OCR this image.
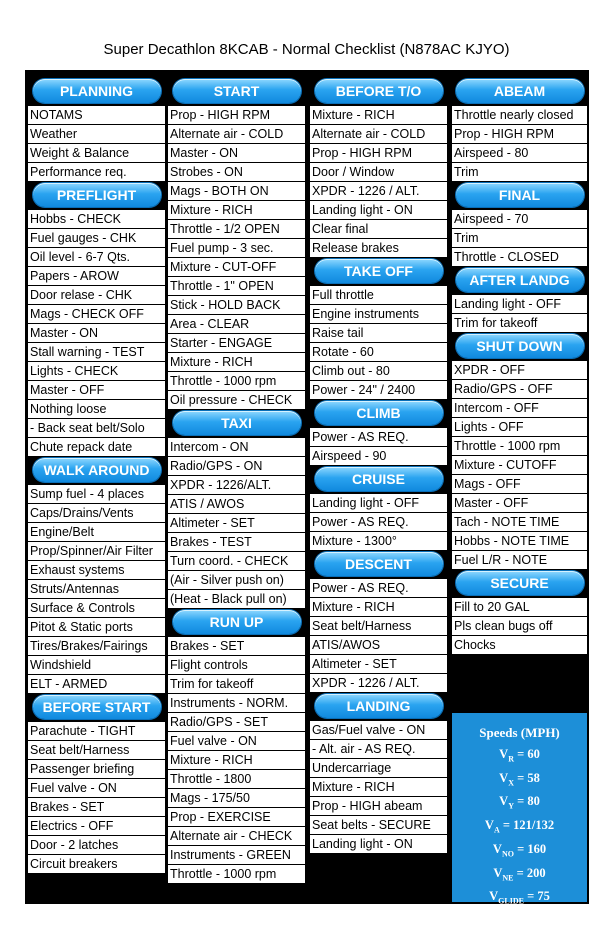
Super Decathlon 8KCAB - Normal Checklist (N878AC KJYO)
PLANNING
NOTAMS
Weather
Weight & Balance
Performance req.
PREFLIGHT
Hobbs - CHECK
Fuel gauges - CHK
Oil level - 6-7 Qts.
Papers - AROW
Door relase - CHK
Mags - CHECK OFF
Master - ON
Stall warning - TEST
Lights - CHECK
Master - OFF
Nothing loose
- Back seat belt/Solo
Chute repack date
WALK AROUND
Sump fuel - 4 places
Caps/Drains/Vents
Engine/Belt
Prop/Spinner/Air Filter
Exhaust systems
Struts/Antennas
Surface & Controls
Pitot & Static ports
Tires/Brakes/Fairings
Windshield
ELT - ARMED
BEFORE START
Parachute - TIGHT
Seat belt/Harness
Passenger briefing
Fuel valve - ON
Brakes - SET
Electrics - OFF
Door - 2 latches
Circuit breakers
START
Prop - HIGH RPM
Alternate air - COLD
Master - ON
Strobes - ON
Mags - BOTH ON
Mixture - RICH
Throttle - 1/2 OPEN
Fuel pump - 3 sec.
Mixture - CUT-OFF
Throttle - 1" OPEN
Stick - HOLD BACK
Area - CLEAR
Starter - ENGAGE
Mixture - RICH
Throttle - 1000 rpm
Oil pressure - CHECK
TAXI
Intercom - ON
Radio/GPS - ON
XPDR - 1226/ALT.
ATIS / AWOS
Altimeter - SET
Brakes - TEST
Turn coord. - CHECK
(Air - Silver push on)
(Heat - Black pull on)
RUN UP
Brakes - SET
Flight controls
Trim for takeoff
Instruments - NORM.
Radio/GPS - SET
Fuel valve - ON
Mixture - RICH
Throttle - 1800
Mags - 175/50
Prop - EXERCISE
Alternate air - CHECK
Instruments - GREEN
Throttle - 1000 rpm
BEFORE T/O
Mixture - RICH
Alternate air - COLD
Prop - HIGH RPM
Door / Window
XPDR - 1226 / ALT.
Landing light - ON
Clear final
Release brakes
TAKE OFF
Full throttle
Engine instruments
Raise tail
Rotate - 60
Climb out - 80
Power - 24" / 2400
CLIMB
Power - AS REQ.
Airspeed - 90
CRUISE
Landing light - OFF
Power - AS REQ.
Mixture - 1300°
DESCENT
Power - AS REQ.
Mixture - RICH
Seat belt/Harness
ATIS/AWOS
Altimeter - SET
XPDR - 1226 / ALT.
LANDING
Gas/Fuel valve - ON
- Alt. air - AS REQ.
Undercarriage
Mixture - RICH
Prop - HIGH abeam
Seat belts - SECURE
Landing light - ON
ABEAM
Throttle nearly closed
Prop - HIGH RPM
Airspeed - 80
Trim
FINAL
Airspeed - 70
Trim
Throttle - CLOSED
AFTER LANDG
Landing light - OFF
Trim for takeoff
SHUT DOWN
XPDR - OFF
Radio/GPS - OFF
Intercom - OFF
Lights - OFF
Throttle - 1000 rpm
Mixture - CUTOFF
Mags - OFF
Master - OFF
Tach - NOTE TIME
Hobbs - NOTE TIME
Fuel L/R - NOTE
SECURE
Fill to 20 GAL
Pls clean bugs off
Chocks
Speeds (MPH)
$V_R = 60$
$V_X = 58$
$V_Y = 80$
$V_A = 121/132$
$V_{NO} = 160$
$V_{NE} = 200$
$V_{GLIDE} = 75$
$V_{REF} = 70$
